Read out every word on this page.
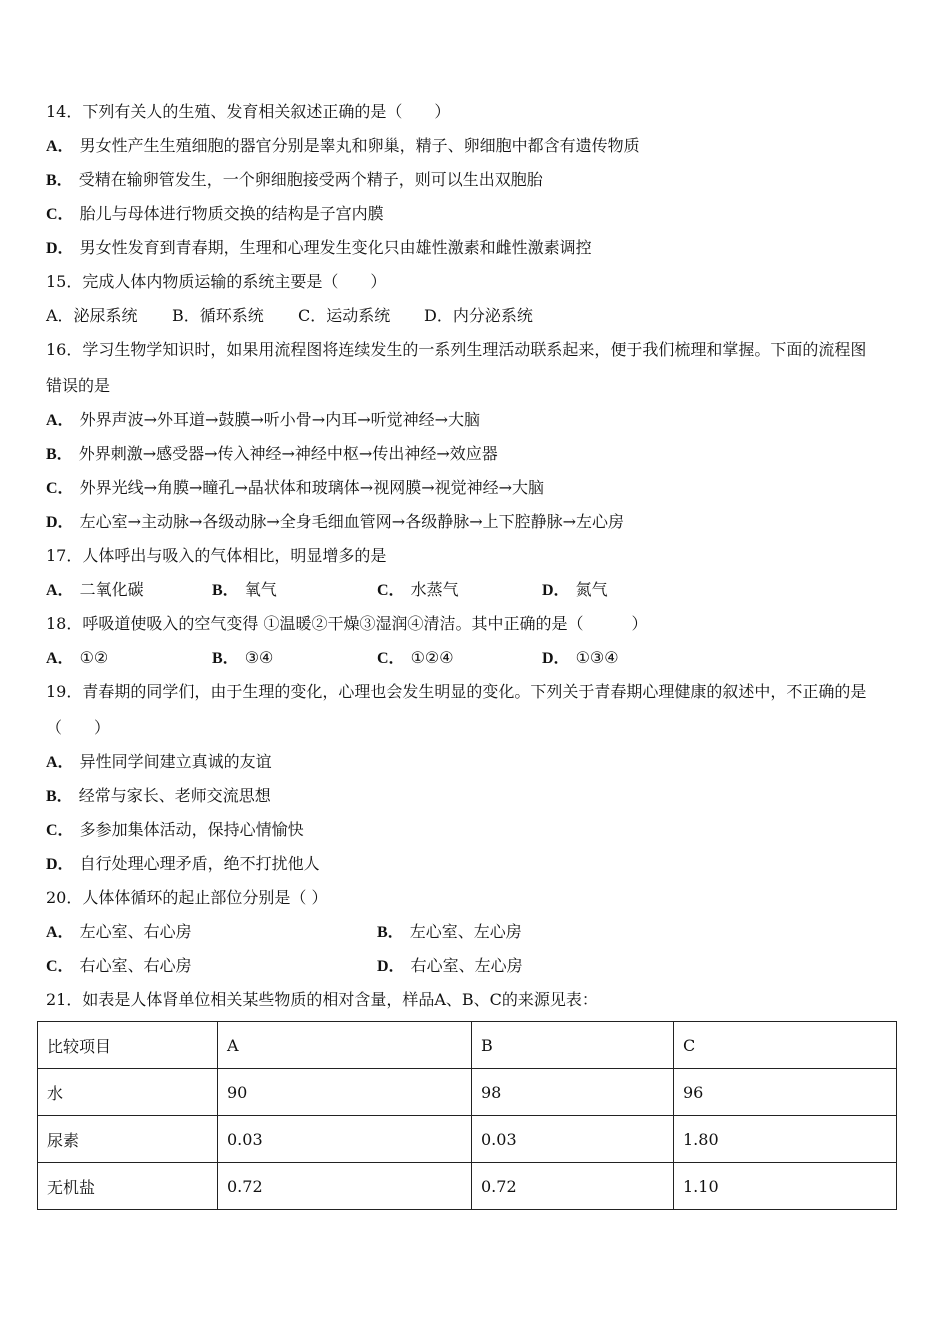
14．下列有关人的生殖、发育相关叙述正确的是（　　）
A． 男女性产生生殖细胞的器官分别是睾丸和卵巢，精子、卵细胞中都含有遗传物质
B． 受精在输卵管发生，一个卵细胞接受两个精子，则可以生出双胞胎
C． 胎儿与母体进行物质交换的结构是子宫内膜
D． 男女性发育到青春期，生理和心理发生变化只由雄性激素和雌性激素调控
15．完成人体内物质运输的系统主要是（　　）
A．泌尿系统 B．循环系统 C．运动系统 D．内分泌系统
16．学习生物学知识时，如果用流程图将连续发生的一系列生理活动联系起来，便于我们梳理和掌握。下面的流程图
错误的是
A． 外界声波→外耳道→鼓膜→听小骨→内耳→听觉神经→大脑
B． 外界刺激→感受器→传入神经→神经中枢→传出神经→效应器
C． 外界光线→角膜→瞳孔→晶状体和玻璃体→视网膜→视觉神经→大脑
D． 左心室→主动脉→各级动脉→全身毛细血管网→各级静脉→上下腔静脉→左心房
17．人体呼出与吸入的气体相比，明显增多的是
A． 二氧化碳	B． 氧气	C． 水蒸气	D． 氮气
18．呼吸道使吸入的空气变得 ①温暖②干燥③湿润④清洁。其中正确的是（　　　）
A． ①②	B． ③④	C． ①②④	D． ①③④
19．青春期的同学们，由于生理的变化，心理也会发生明显的变化。下列关于青春期心理健康的叙述中，不正确的是
（　　）
A． 异性同学间建立真诚的友谊
B． 经常与家长、老师交流思想
C． 多参加集体活动，保持心情愉快
D． 自行处理心理矛盾，绝不打扰他人
20．人体体循环的起止部位分别是（ ）
A． 左心室、右心房	B． 左心室、左心房
C． 右心室、右心房	D． 右心室、左心房
21．如表是人体肾单位相关某些物质的相对含量，样品A、B、C的来源见表：
比较项目	A	B	C
水	90	98	96
尿素	0.03	0.03	1.80
无机盐	0.72	0.72	1.10
